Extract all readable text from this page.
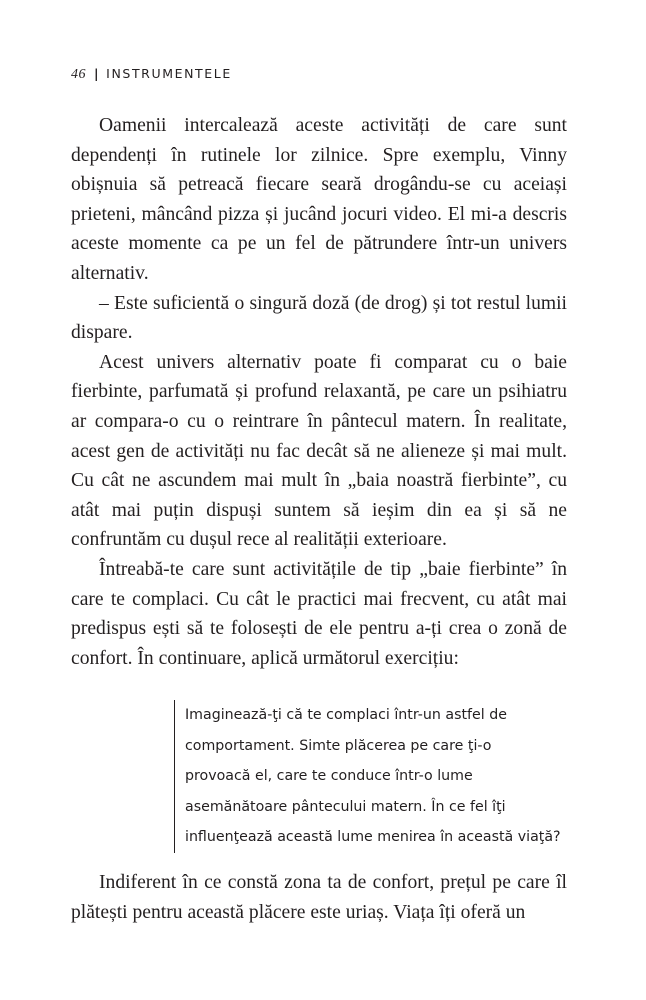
46 | INSTRUMENTELE

Oamenii intercalează aceste activități de care sunt dependenți în rutinele lor zilnice. Spre exemplu, Vinny obișnuia să petreacă fiecare seară drogându-se cu aceiași prieteni, mâncând pizza și jucând jocuri video. El mi-a descris aceste momente ca pe un fel de pătrundere într-un univers alternativ.

– Este suficientă o singură doză (de drog) și tot restul lumii dispare.

Acest univers alternativ poate fi comparat cu o baie fierbinte, parfumată și profund relaxantă, pe care un psihiatru ar compara-o cu o reintrare în pântecul matern. În realitate, acest gen de activități nu fac decât să ne alieneze și mai mult. Cu cât ne ascundem mai mult în „baia noastră fierbinte”, cu atât mai puțin dispuși suntem să ieșim din ea și să ne confruntăm cu dușul rece al realității exterioare.

Întreabă-te care sunt activitățile de tip „baie fierbinte” în care te complaci. Cu cât le practici mai frecvent, cu atât mai predispus ești să te folosești de ele pentru a-ți crea o zonă de confort. În continuare, aplică următorul exercițiu:

Imaginează-ţi că te complaci într-un astfel de

comportament. Simte plăcerea pe care ţi-o

provoacă el, care te conduce într-o lume

asemănătoare pântecului matern. În ce fel îţi

influenţează această lume menirea în această viaţă?

Indiferent în ce constă zona ta de confort, prețul pe care îl plătești pentru această plăcere este uriaș. Viața îți oferă un
